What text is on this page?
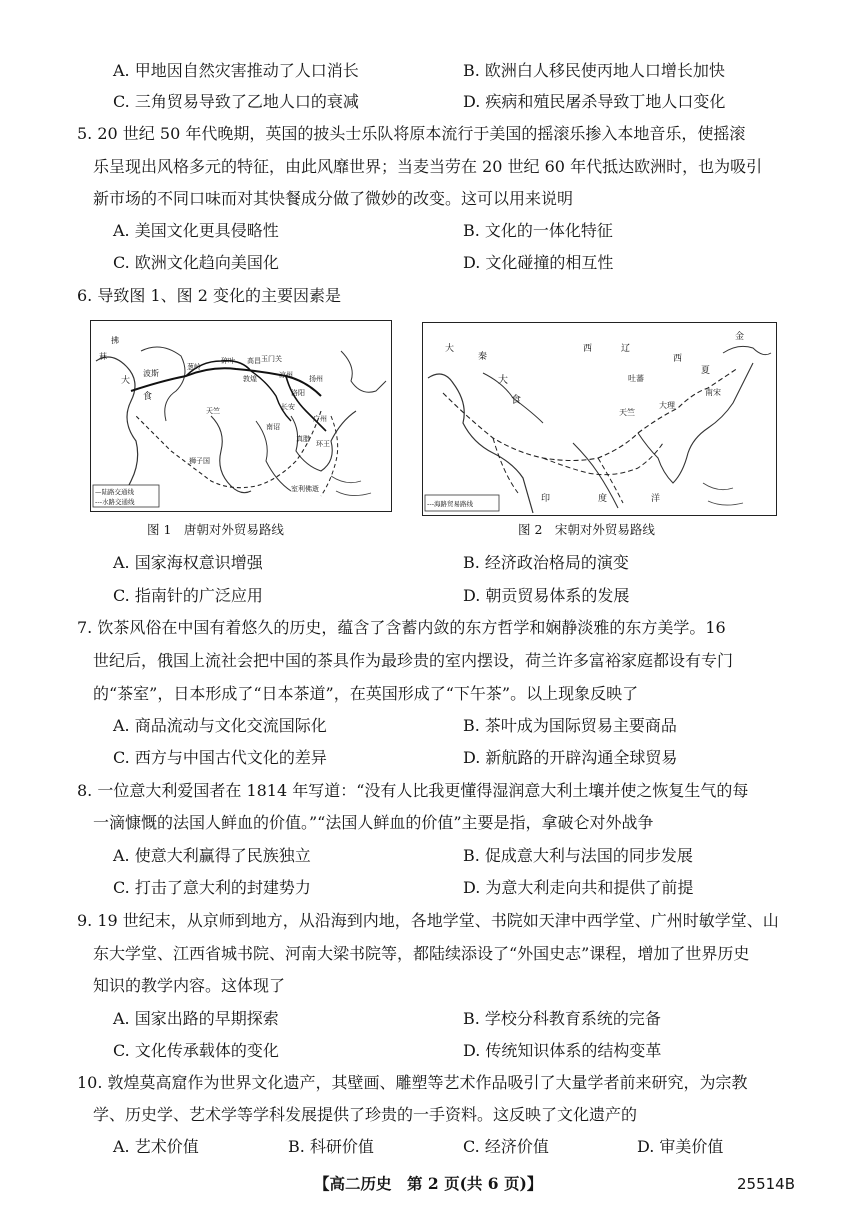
A. 甲地因自然灾害推动了人口消长	B. 欧洲白人移民使丙地人口增长加快
C. 三角贸易导致了乙地人口的衰减	D. 疾病和殖民屠杀导致丁地人口变化
5. 20 世纪 50 年代晚期，英国的披头士乐队将原本流行于美国的摇滚乐掺入本地音乐，使摇滚
乐呈现出风格多元的特征，由此风靡世界；当麦当劳在 20 世纪 60 年代抵达欧洲时，也为吸引
新市场的不同口味而对其快餐成分做了微妙的改变。这可以用来说明
A. 美国文化更具侵略性	B. 文化的一体化特征
C. 欧洲文化趋向美国化	D. 文化碰撞的相互性
6. 导致图 1、图 2 变化的主要因素是
拂
菻
大
波斯
食
葱岭
碎叶 高昌
敦煌
玉门关
凉州
长安
扬州
洛阳
广州
南诏
真腊
环王
狮子国
天竺
室利佛逝
—陆路交通线
---水路交通线
图 1　唐朝对外贸易路线
大
秦
大
食
西	辽
西
夏
吐蕃
大理
南宋
金
天竺
印	度	洋
---海路贸易路线
图 2　宋朝对外贸易路线
A. 国家海权意识增强	B. 经济政治格局的演变
C. 指南针的广泛应用	D. 朝贡贸易体系的发展
7. 饮茶风俗在中国有着悠久的历史，蕴含了含蓄内敛的东方哲学和娴静淡雅的东方美学。16
世纪后，俄国上流社会把中国的茶具作为最珍贵的室内摆设，荷兰许多富裕家庭都设有专门
的“茶室”，日本形成了“日本茶道”，在英国形成了“下午茶”。以上现象反映了
A. 商品流动与文化交流国际化	B. 茶叶成为国际贸易主要商品
C. 西方与中国古代文化的差异	D. 新航路的开辟沟通全球贸易
8. 一位意大利爱国者在 1814 年写道：“没有人比我更懂得湿润意大利土壤并使之恢复生气的每
一滴慷慨的法国人鲜血的价值。”“法国人鲜血的价值”主要是指，拿破仑对外战争
A. 使意大利赢得了民族独立	B. 促成意大利与法国的同步发展
C. 打击了意大利的封建势力	D. 为意大利走向共和提供了前提
9. 19 世纪末，从京师到地方，从沿海到内地，各地学堂、书院如天津中西学堂、广州时敏学堂、山
东大学堂、江西省城书院、河南大梁书院等，都陆续添设了“外国史志”课程，增加了世界历史
知识的教学内容。这体现了
A. 国家出路的早期探索	B. 学校分科教育系统的完备
C. 文化传承载体的变化	D. 传统知识体系的结构变革
10. 敦煌莫高窟作为世界文化遗产，其壁画、雕塑等艺术作品吸引了大量学者前来研究，为宗教
学、历史学、艺术学等学科发展提供了珍贵的一手资料。这反映了文化遗产的
A. 艺术价值	B. 科研价值	C. 经济价值	D. 审美价值
【高二历史　第 2 页(共 6 页)】	25514B
